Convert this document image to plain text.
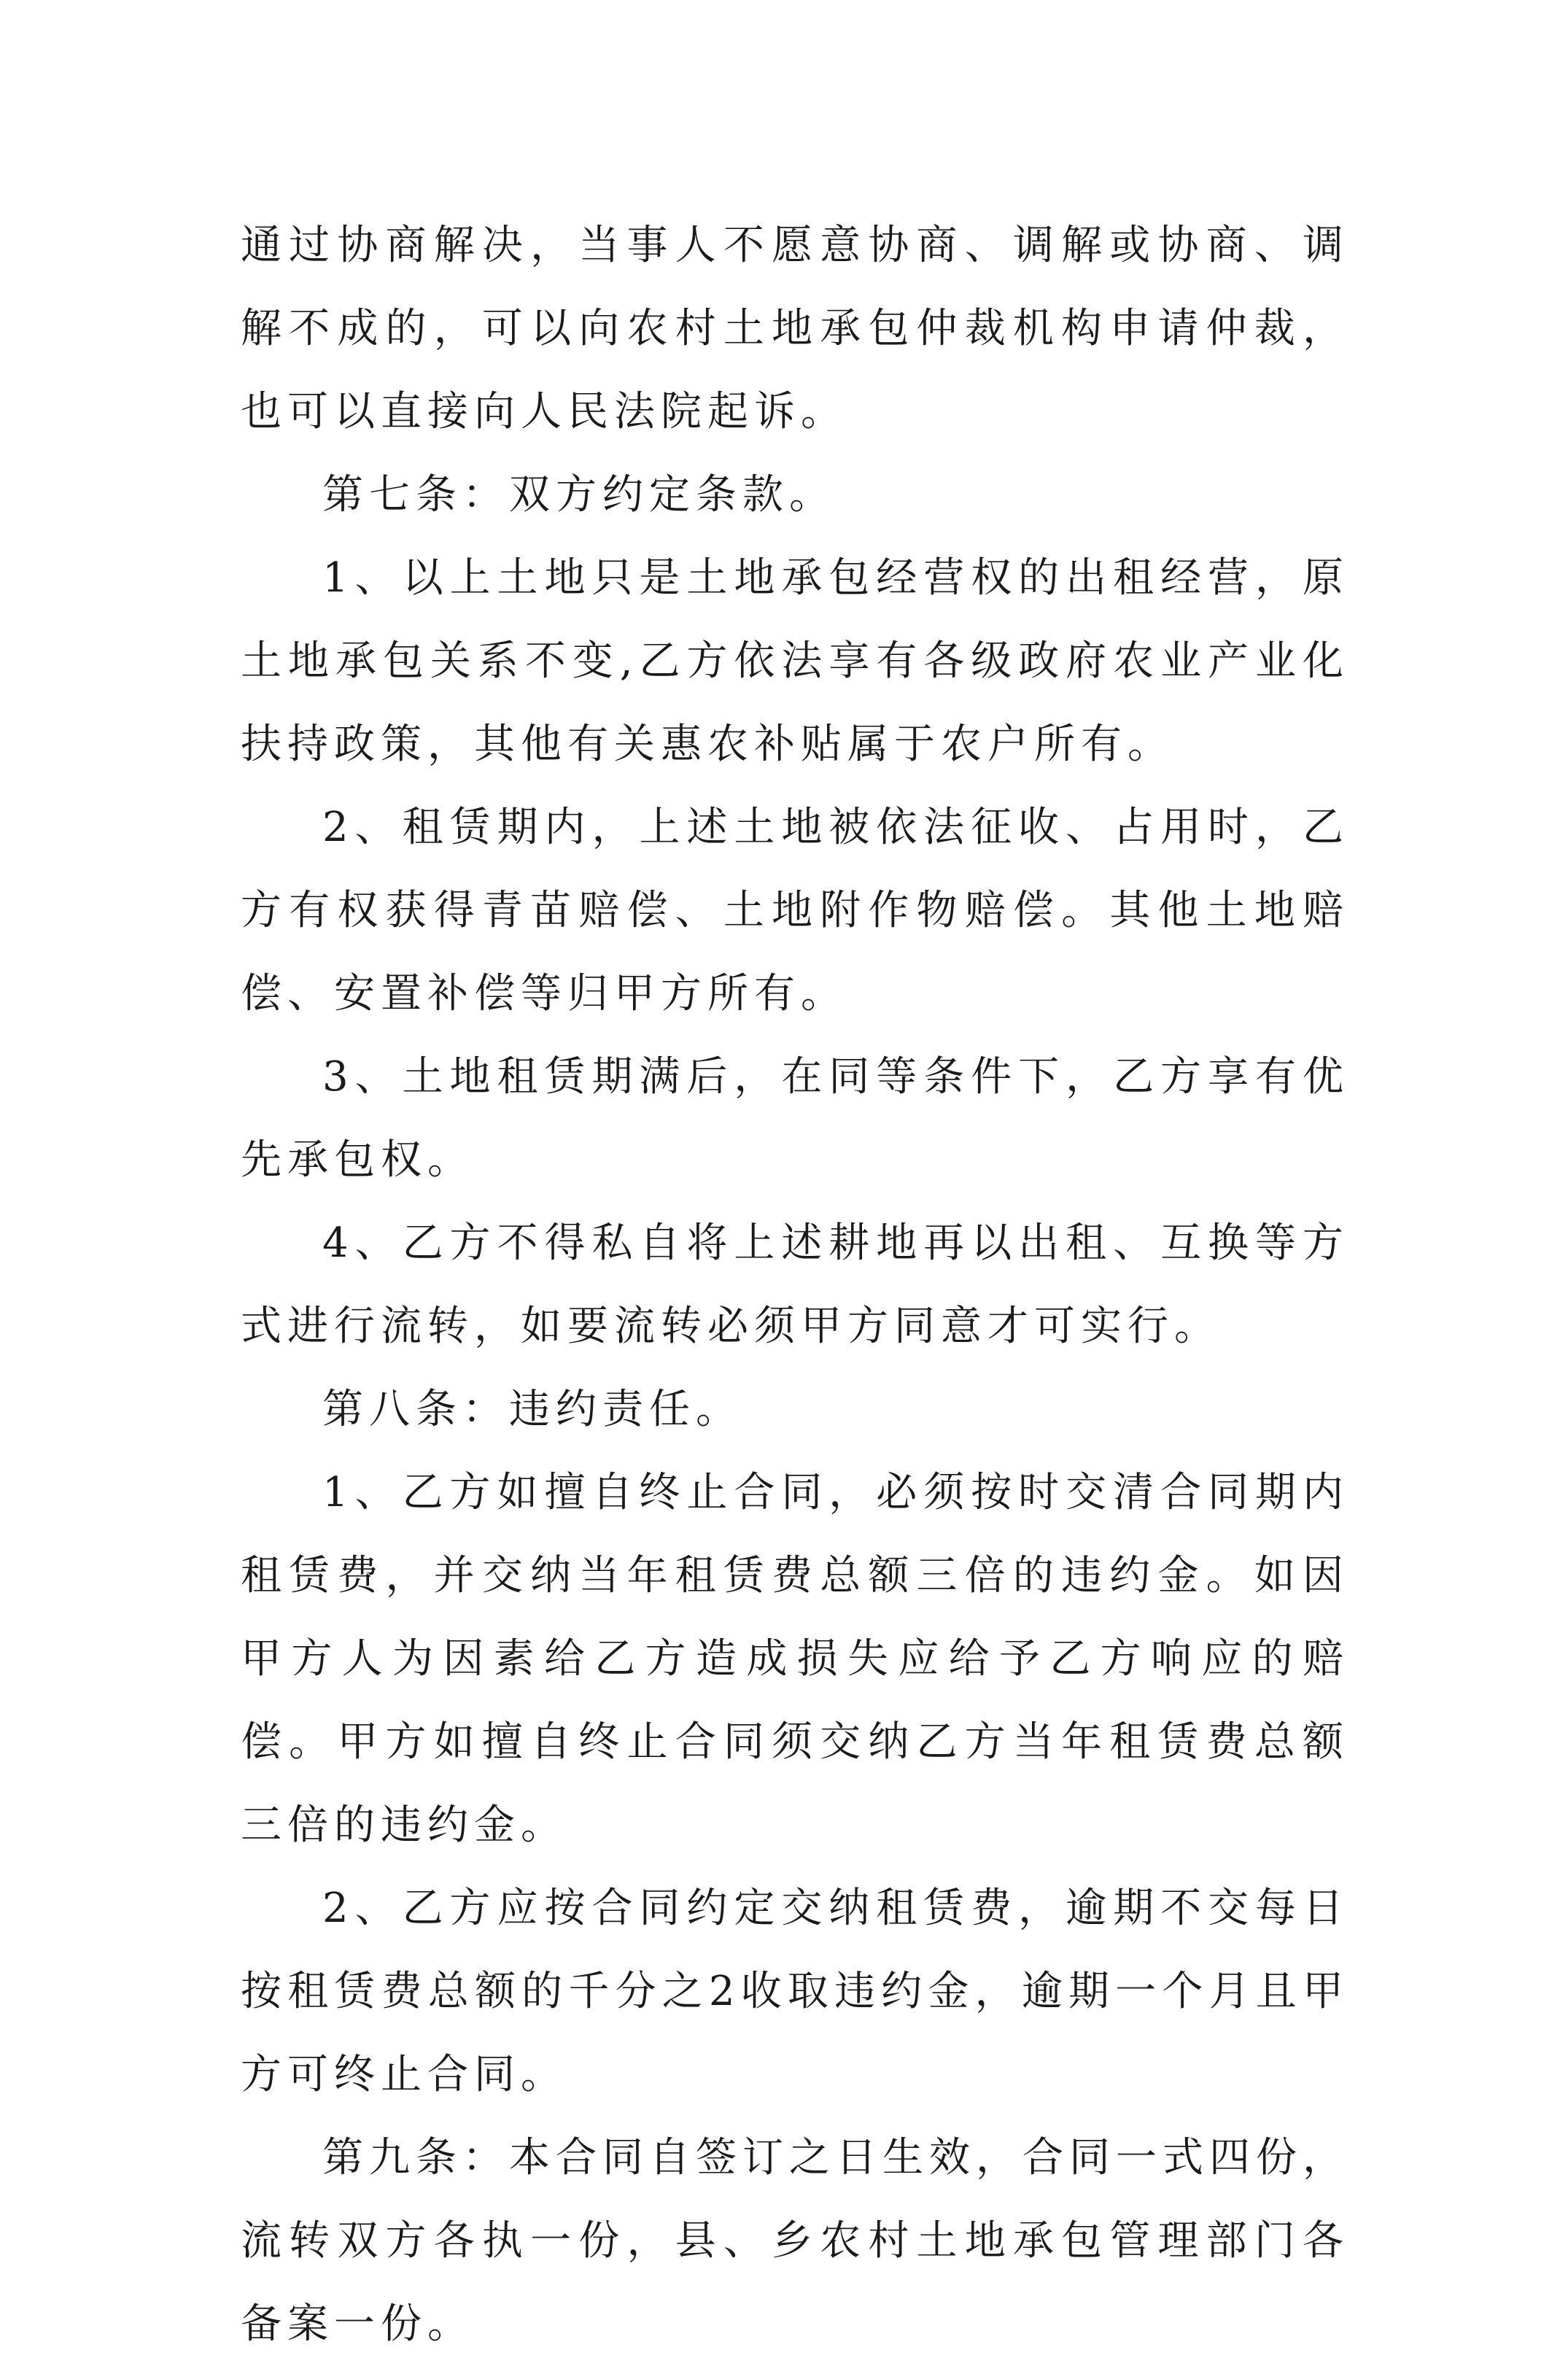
通过协商解决，当事人不愿意协商、调解或协商、调解不成的，可以向农村土地承包仲裁机构申请仲裁，也可以直接向人民法院起诉。

第七条：双方约定条款。

1、以上土地只是土地承包经营权的出租经营，原土地承包关系不变,乙方依法享有各级政府农业产业化扶持政策，其他有关惠农补贴属于农户所有。

2、租赁期内，上述土地被依法征收、占用时，乙方有权获得青苗赔偿、土地附作物赔偿。其他土地赔偿、安置补偿等归甲方所有。

3、土地租赁期满后，在同等条件下，乙方享有优先承包权。

4、乙方不得私自将上述耕地再以出租、互换等方式进行流转，如要流转必须甲方同意才可实行。

第八条：违约责任。

1、乙方如擅自终止合同，必须按时交清合同期内租赁费，并交纳当年租赁费总额三倍的违约金。如因甲方人为因素给乙方造成损失应给予乙方响应的赔偿。甲方如擅自终止合同须交纳乙方当年租赁费总额三倍的违约金。

2、乙方应按合同约定交纳租赁费，逾期不交每日按租赁费总额的千分之2收取违约金，逾期一个月且甲方可终止合同。

第九条：本合同自签订之日生效，合同一式四份，流转双方各执一份，县、乡农村土地承包管理部门各备案一份。
